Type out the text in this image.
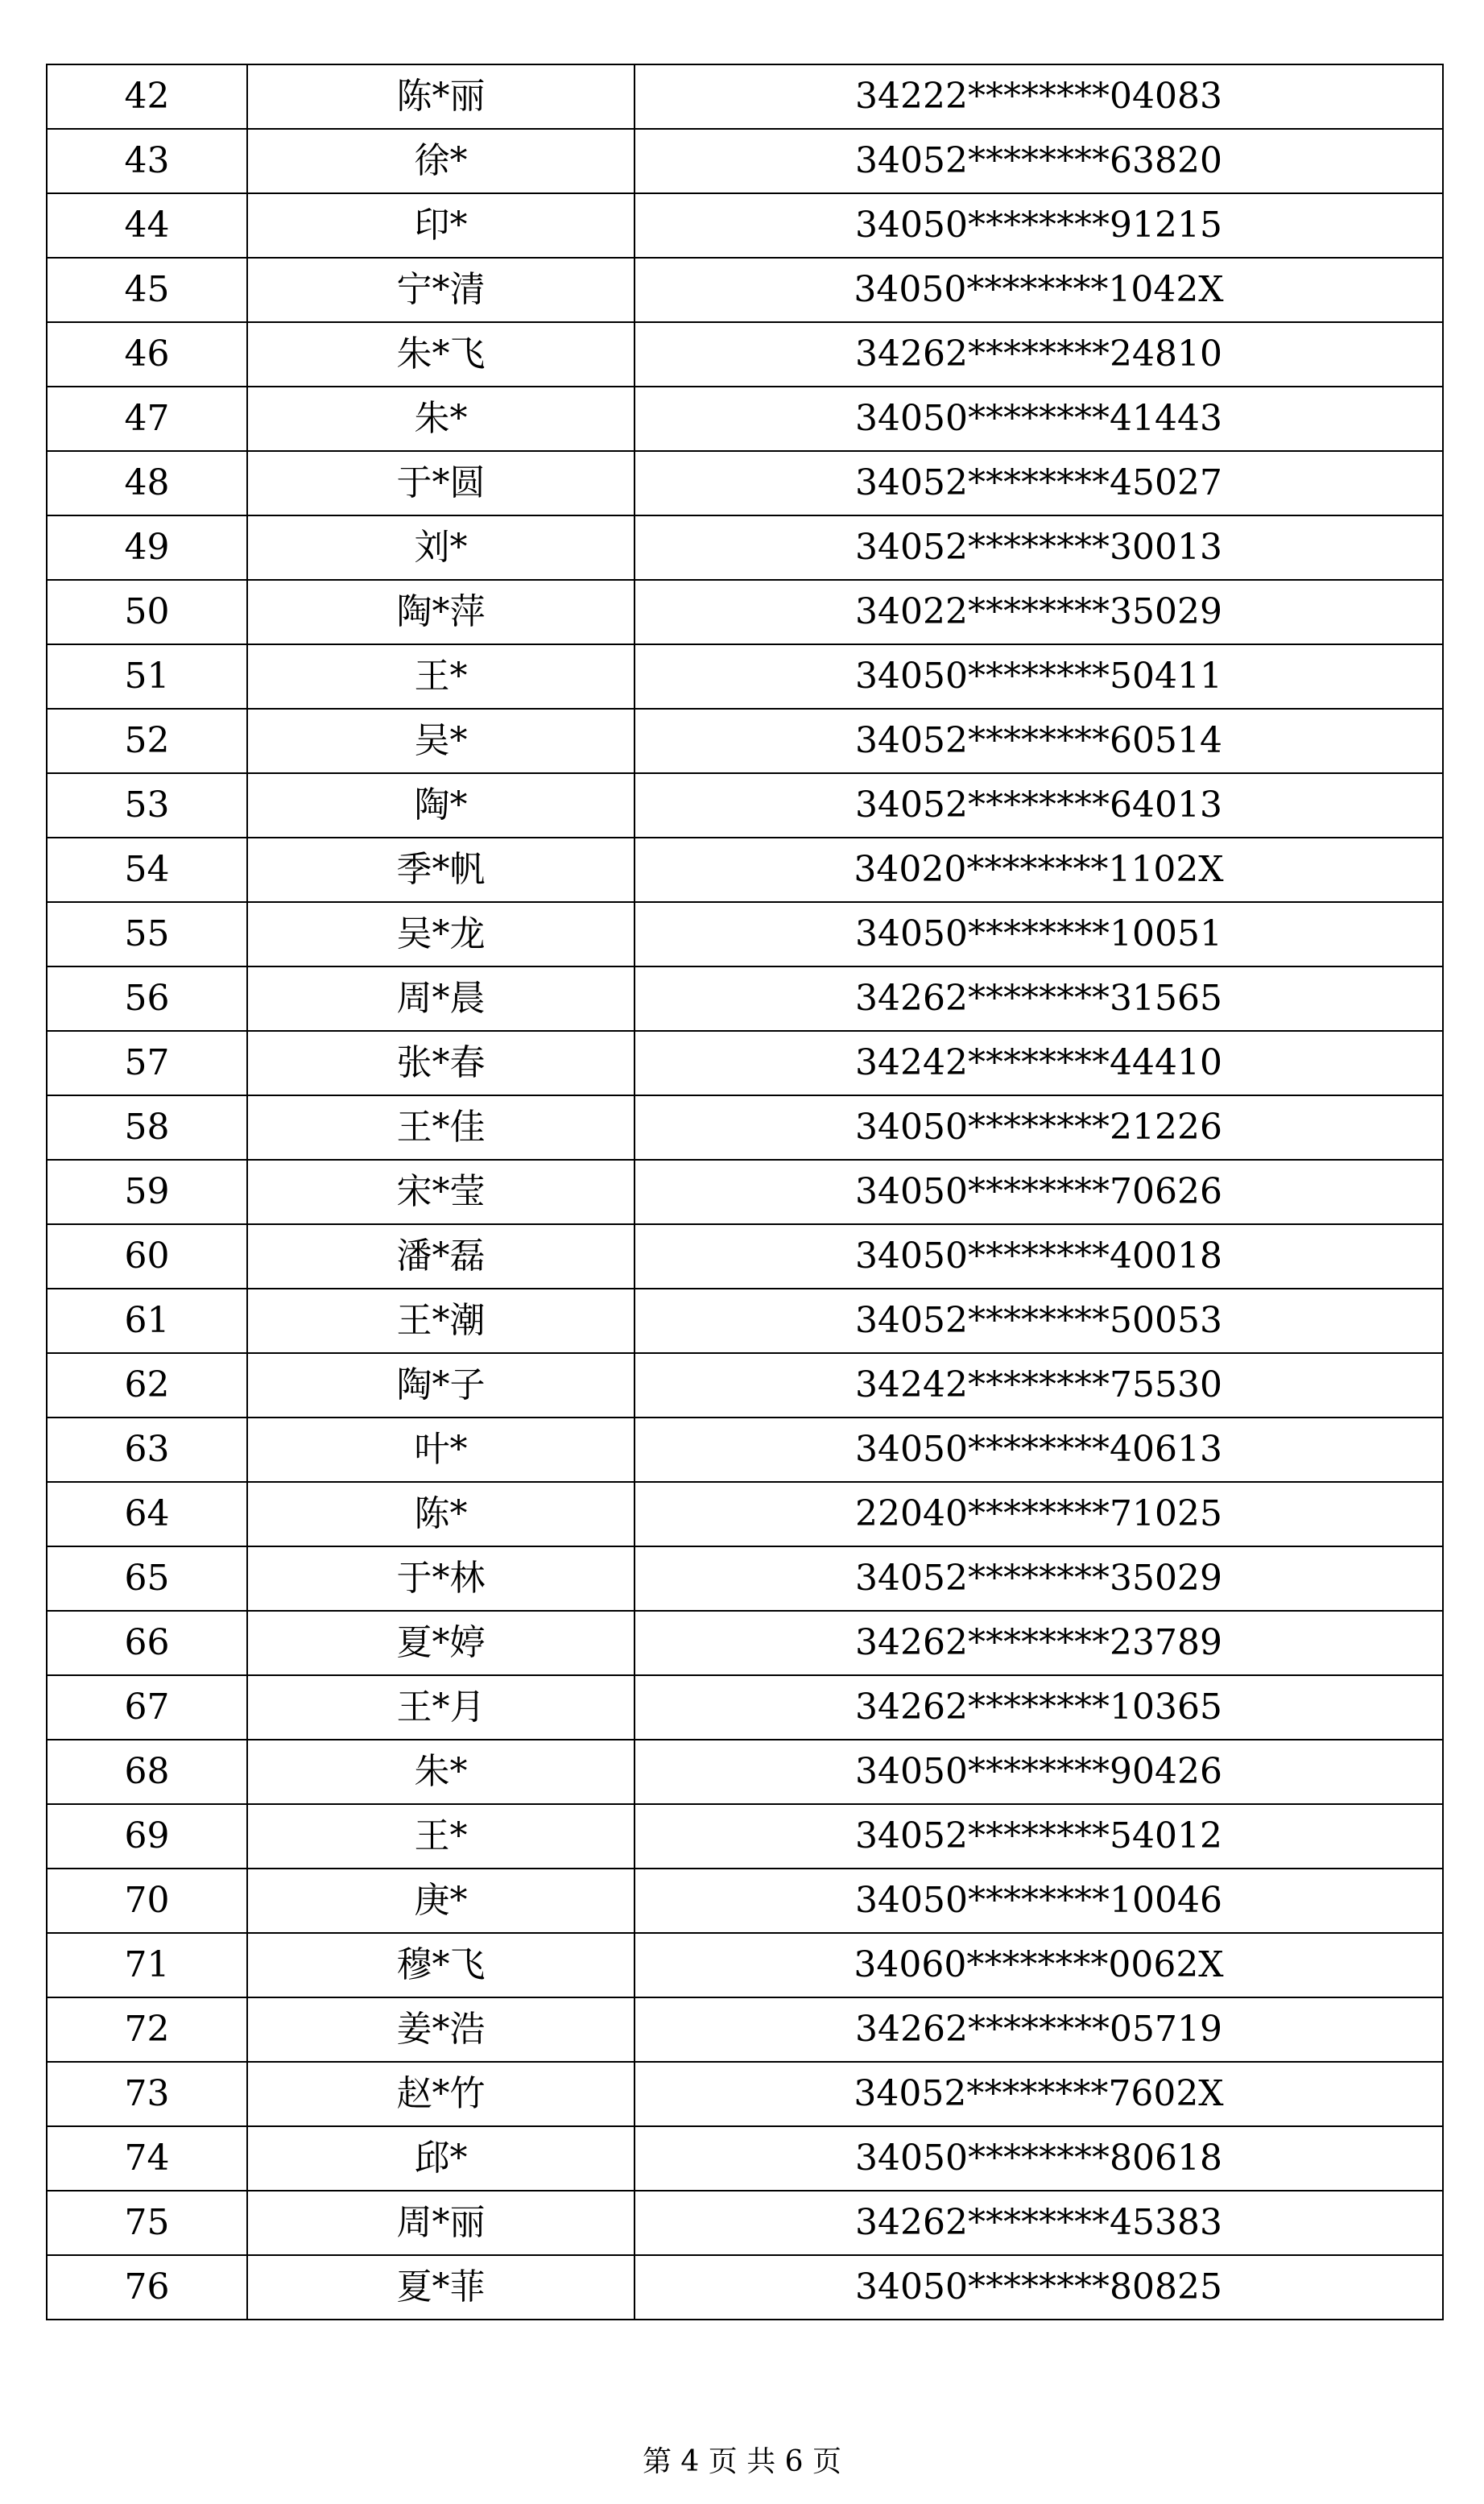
42	陈*丽	34222********04083
43	徐*	34052********63820
44	印*	34050********91215
45	宁*清	34050********1042X
46	朱*飞	34262********24810
47	朱*	34050********41443
48	于*圆	34052********45027
49	刘*	34052********30013
50	陶*萍	34022********35029
51	王*	34050********50411
52	吴*	34052********60514
53	陶*	34052********64013
54	季*帆	34020********1102X
55	吴*龙	34050********10051
56	周*晨	34262********31565
57	张*春	34242********44410
58	王*佳	34050********21226
59	宋*莹	34050********70626
60	潘*磊	34050********40018
61	王*潮	34052********50053
62	陶*子	34242********75530
63	叶*	34050********40613
64	陈*	22040********71025
65	于*林	34052********35029
66	夏*婷	34262********23789
67	王*月	34262********10365
68	朱*	34050********90426
69	王*	34052********54012
70	庚*	34050********10046
71	穆*飞	34060********0062X
72	姜*浩	34262********05719
73	赵*竹	34052********7602X
74	邱*	34050********80618
75	周*丽	34262********45383
76	夏*菲	34050********80825
第 4 页 共 6 页
